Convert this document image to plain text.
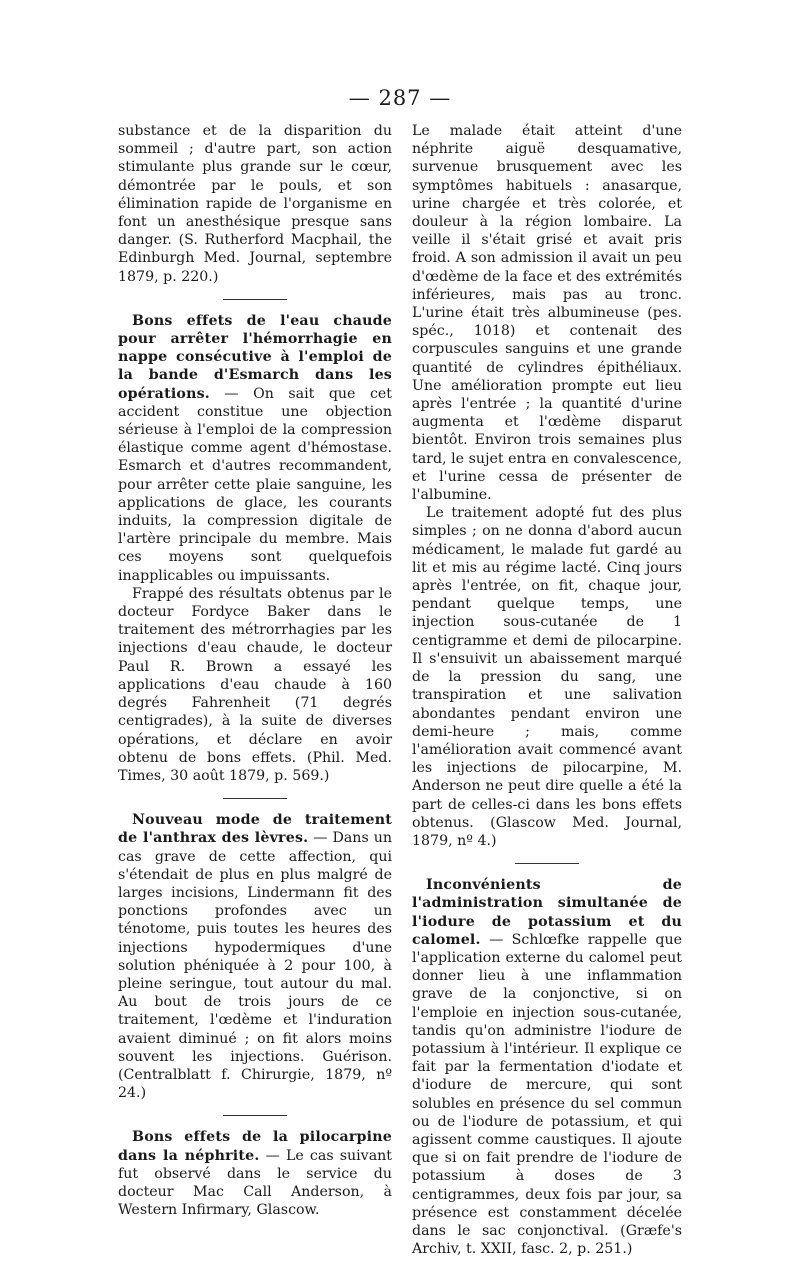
— 287 —

substance et de la disparition du sommeil ; d'autre part, son action stimulante plus grande sur le cœur, démontrée par le pouls, et son élimination rapide de l'organisme en font un anesthésique presque sans danger. (S. Rutherford Macphail, the Edinburgh Med. Journal, septembre 1879, p. 220.)

Bons effets de l'eau chaude pour arrêter l'hémorrhagie en nappe consécutive à l'emploi de la bande d'Esmarch dans les opérations. — On sait que cet accident constitue une objection sérieuse à l'emploi de la compression élastique comme agent d'hémostase. Esmarch et d'autres recommandent, pour arrêter cette plaie sanguine, les applications de glace, les courants induits, la compression digitale de l'artère principale du membre. Mais ces moyens sont quelquefois inapplicables ou impuissants.

Frappé des résultats obtenus par le docteur Fordyce Baker dans le traitement des métrorrhagies par les injections d'eau chaude, le docteur Paul R. Brown a essayé les applications d'eau chaude à 160 degrés Fahrenheit (71 degrés centigrades), à la suite de diverses opérations, et déclare en avoir obtenu de bons effets. (Phil. Med. Times, 30 août 1879, p. 569.)

Nouveau mode de traitement de l'anthrax des lèvres. — Dans un cas grave de cette affection, qui s'étendait de plus en plus malgré de larges incisions, Lindermann fit des ponctions profondes avec un ténotome, puis toutes les heures des injections hypodermiques d'une solution phéniquée à 2 pour 100, à pleine seringue, tout autour du mal. Au bout de trois jours de ce traitement, l'œdème et l'induration avaient diminué ; on fit alors moins souvent les injections. Guérison. (Centralblatt f. Chirurgie, 1879, nº 24.)

Bons effets de la pilocarpine dans la néphrite. — Le cas suivant fut observé dans le service du docteur Mac Call Anderson, à Western Infirmary, Glascow.

Le malade était atteint d'une néphrite aiguë desquamative, survenue brusquement avec les symptômes habituels : anasarque, urine chargée et très colorée, et douleur à la région lombaire. La veille il s'était grisé et avait pris froid. A son admission il avait un peu d'œdème de la face et des extrémités inférieures, mais pas au tronc. L'urine était très albumineuse (pes. spéc., 1018) et contenait des corpuscules sanguins et une grande quantité de cylindres épithéliaux. Une amélioration prompte eut lieu après l'entrée ; la quantité d'urine augmenta et l'œdème disparut bientôt. Environ trois semaines plus tard, le sujet entra en convalescence, et l'urine cessa de présenter de l'albumine.

Le traitement adopté fut des plus simples ; on ne donna d'abord aucun médicament, le malade fut gardé au lit et mis au régime lacté. Cinq jours après l'entrée, on fit, chaque jour, pendant quelque temps, une injection sous-cutanée de 1 centigramme et demi de pilocarpine. Il s'ensuivit un abaissement marqué de la pression du sang, une transpiration et une salivation abondantes pendant environ une demi-heure ; mais, comme l'amélioration avait commencé avant les injections de pilocarpine, M. Anderson ne peut dire quelle a été la part de celles-ci dans les bons effets obtenus. (Glascow Med. Journal, 1879, nº 4.)

Inconvénients de l'administration simultanée de l'iodure de potassium et du calomel. — Schlœfke rappelle que l'application externe du calomel peut donner lieu à une inflammation grave de la conjonctive, si on l'emploie en injection sous-cutanée, tandis qu'on administre l'iodure de potassium à l'intérieur. Il explique ce fait par la fermentation d'iodate et d'iodure de mercure, qui sont solubles en présence du sel commun ou de l'iodure de potassium, et qui agissent comme caustiques. Il ajoute que si on fait prendre de l'iodure de potassium à doses de 3 centigrammes, deux fois par jour, sa présence est constamment décelée dans le sac conjonctival. (Græfe's Archiv, t. XXII, fasc. 2, p. 251.)
